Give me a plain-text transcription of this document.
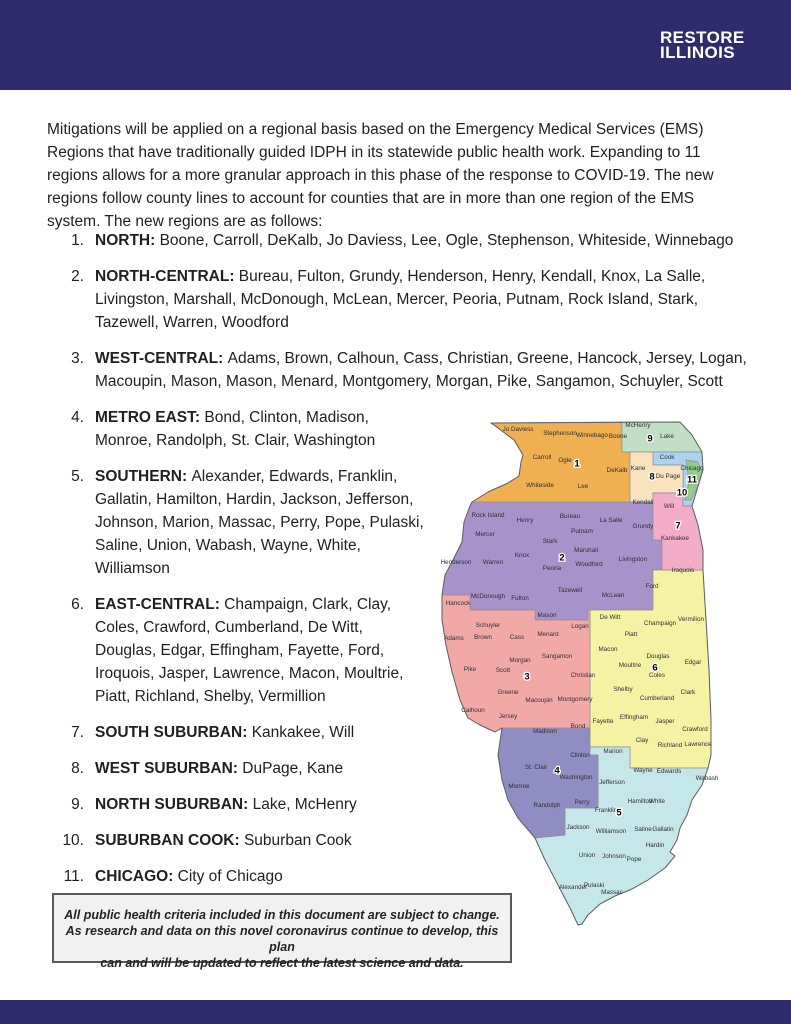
RESTORE
ILLINOIS

Mitigations will be applied on a regional basis based on the Emergency Medical Services (EMS) Regions that have traditionally guided IDPH in its statewide public health work. Expanding to 11 regions allows for a more granular approach in this phase of the response to COVID-19. The new regions follow county lines to account for counties that are in more than one region of the EMS system. The new regions are as follows:

1. NORTH: Boone, Carroll, DeKalb, Jo Daviess, Lee, Ogle, Stephenson, Whiteside, Winnebago
2. NORTH-CENTRAL: Bureau, Fulton, Grundy, Henderson, Henry, Kendall, Knox, La Salle, Livingston, Marshall, McDonough, McLean, Mercer, Peoria, Putnam, Rock Island, Stark, Tazewell, Warren, Woodford
3. WEST-CENTRAL: Adams, Brown, Calhoun, Cass, Christian, Greene, Hancock, Jersey, Logan, Macoupin, Mason, Mason, Menard, Montgomery, Morgan, Pike, Sangamon, Schuyler, Scott
4. METRO EAST: Bond, Clinton, Madison, Monroe, Randolph, St. Clair, Washington
5. SOUTHERN: Alexander, Edwards, Franklin, Gallatin, Hamilton, Hardin, Jackson, Jefferson, Johnson, Marion, Massac, Perry, Pope, Pulaski, Saline, Union, Wabash, Wayne, White, Williamson
6. EAST-CENTRAL: Champaign, Clark, Clay, Coles, Crawford, Cumberland, De Witt, Douglas, Edgar, Effingham, Fayette, Ford, Iroquois, Jasper, Lawrence, Macon, Moultrie, Piatt, Richland, Shelby, Vermillion
7. SOUTH SUBURBAN: Kankakee, Will
8. WEST SUBURBAN: DuPage, Kane
9. NORTH SUBURBAN: Lake, McHenry
10. SUBURBAN COOK: Suburban Cook
11. CHICAGO: City of Chicago
Jo Daviess
Stephenson Winnebago Boone
McHenry
Lake
Carroll Ogle
DeKalb Kane
Cook
Chicago
Du Page
Whiteside	Lee
Kendall
Will
Rock Island
Henry
Bureau
La Salle
Grundy
Kankakee
Mercer	Putnam
Stark
Marshall
Knox
Peoria
Woodford
Livingston
Henderson Warren
Iroquois
Ford
Hancock
McDonough Fulton
Tazewell
McLean
Mason
Schuyler	Logan
De Witt
Piatt
Champaign
Vermilion
Adams Brown	Cass Menard
Macon
Douglas
Edgar
Pike	Scott
Morgan
Sangamon
Moultrie
Christian	Coles
Greene
Macoupin Montgomery
Shelby
Cumberland
Clark
Calhoun
Jersey
Fayette
Effingham
Jasper
Crawford
Madison
Bond
Clay
Richland Lawrence
Marion
Clinton
St. Clair
Washington
Jefferson
Wayne Edwards
Wabash
Monroe
Randolph Perry
Franklin
Hamilton
White
Jackson
Williamson Saline Gallatin
Hardin
Union Johnson Pope
Alexander
Pulaski
Massac
1
2
3
4
5
6
7
8
9
10
11
All public health criteria included in this document are subject to change.
As research and data on this novel coronavirus continue to develop, this plan
can and will be updated to reflect the latest science and data.
